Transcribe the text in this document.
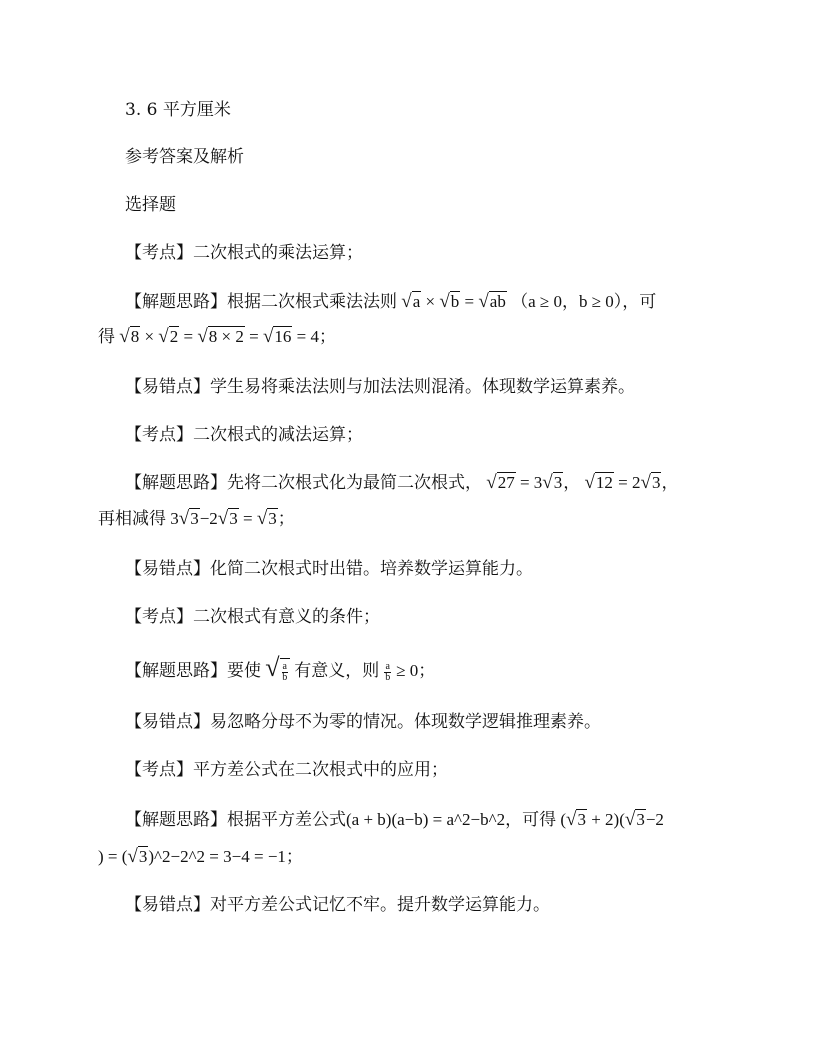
3. 6 平方厘米
参考答案及解析
选择题
【考点】二次根式的乘法运算；
【解题思路】根据二次根式乘法法则 √a × √b = √ab （a ≥ 0，b ≥ 0），可
得 √8 × √2 = √8 × 2 = √16 = 4；
【易错点】学生易将乘法法则与加法法则混淆。体现数学运算素养。
【考点】二次根式的减法运算；
【解题思路】先将二次根式化为最简二次根式， √27 = 3√3， √12 = 2√3，
再相减得 3√3−2√3 = √3；
【易错点】化简二次根式时出错。培养数学运算能力。
【考点】二次根式有意义的条件；
【解题思路】要使 √ $\frac{a}{b}$ 有意义，则 $\frac{a}{b} \ge 0$；
【易错点】易忽略分母不为零的情况。体现数学逻辑推理素养。
【考点】平方差公式在二次根式中的应用；
【解题思路】根据平方差公式(a + b)(a−b) = a^2−b^2，可得 (√3 + 2)(√3−2
) = (√3)^2−2^2 = 3−4 = −1；
【易错点】对平方差公式记忆不牢。提升数学运算能力。
